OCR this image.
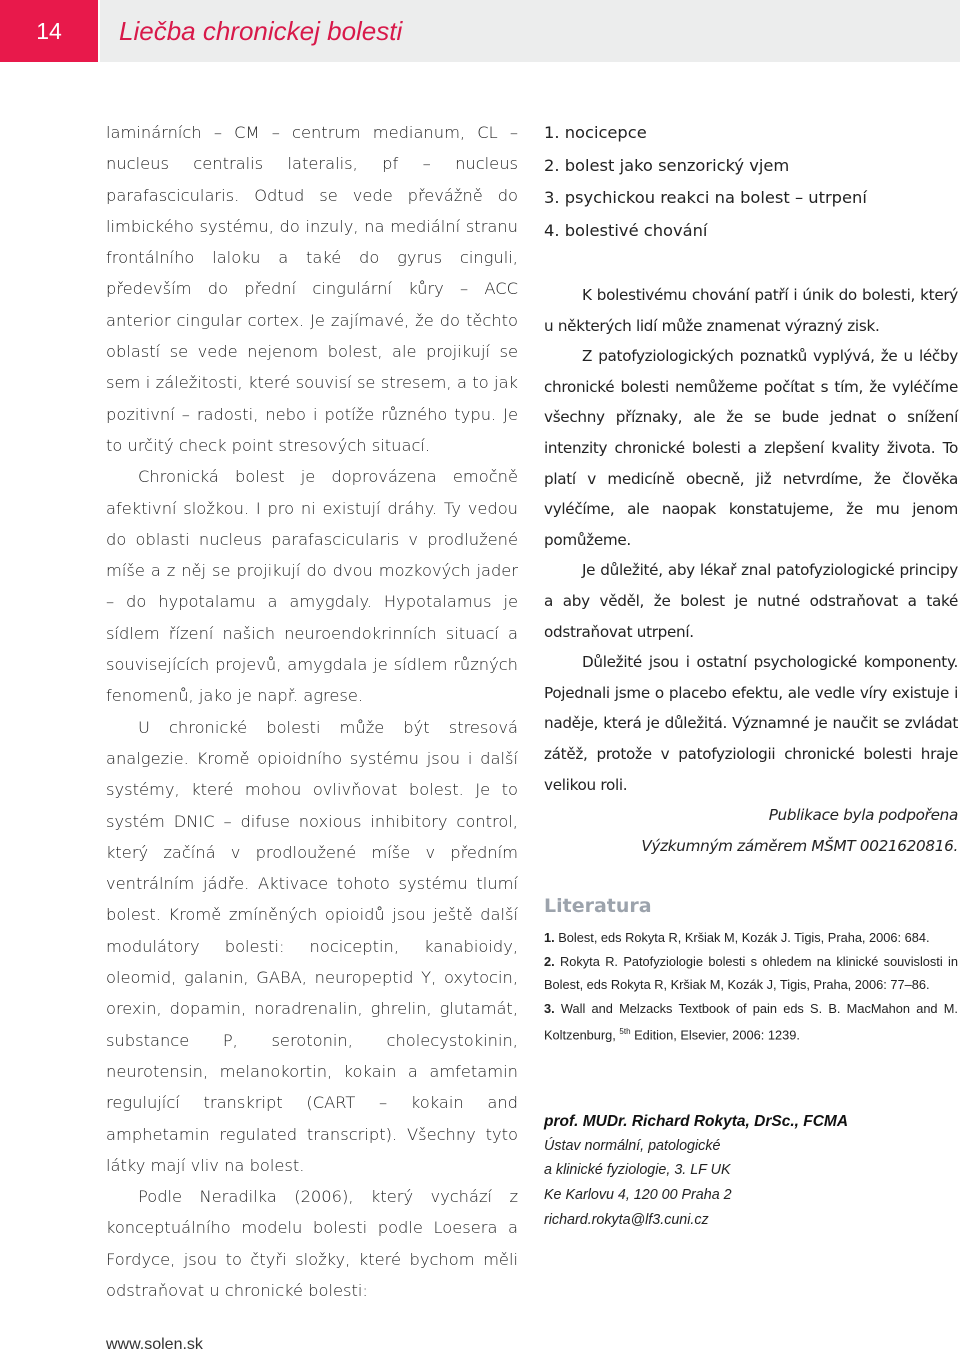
14 Liečba chronickej bolesti

laminárních – CM – centrum medianum, CL – nucleus centralis lateralis, pf – nucleus parafascicularis. Odtud se vede převážně do limbického systému, do inzuly, na mediální stranu frontálního laloku a také do gyrus cinguli, především do přední cingulární kůry – ACC anterior cingular cortex. Je zajímavé, že do těchto oblastí se vede nejenom bolest, ale projikují se sem i záležitosti, které souvisí se stresem, a to jak pozitivní – radosti, nebo i potíže různého typu. Je to určitý check point stresových situací.

Chronická bolest je doprovázena emočně afektivní složkou. I pro ni existují dráhy. Ty vedou do oblasti nucleus parafascicularis v prodlužené míše a z něj se projikují do dvou mozkových jader – do hypotalamu a amygdaly. Hypotalamus je sídlem řízení našich neuroendokrinních situací a souvisejících projevů, amygdala je sídlem různých fenomenů, jako je např. agrese.

U chronické bolesti může být stresová analgezie. Kromě opioidního systému jsou i další systémy, které mohou ovlivňovat bolest. Je to systém DNIC – difuse noxious inhibitory control, který začíná v prodloužené míše v předním ventrálním jádře. Aktivace tohoto systému tlumí bolest. Kromě zmíněných opioidů jsou ještě další modulátory bolesti: nociceptin, kanabioidy, oleomid, galanin, GABA, neuropeptid Y, oxytocin, orexin, dopamin, noradrenalin, ghrelin, glutamát, substance P, serotonin, cholecystokinin, neurotensin, melanokortin, kokain a amfetamin regulující transkript (CART – kokain and amphetamin regulated transcript). Všechny tyto látky mají vliv na bolest.

Podle Neradilka (2006), který vychází z konceptuálního modelu bolesti podle Loesera a Fordyce, jsou to čtyři složky, které bychom měli odstraňovat u chronické bolesti:

1. nocicepce
2. bolest jako senzorický vjem
3. psychickou reakci na bolest – utrpení
4. bolestivé chování

K bolestivému chování patří i únik do bolesti, který u některých lidí může znamenat výrazný zisk.

Z patofyziologických poznatků vyplývá, že u léčby chronické bolesti nemůžeme počítat s tím, že vyléčíme všechny příznaky, ale že se bude jednat o snížení intenzity chronické bolesti a zlepšení kvality života. To platí v medicíně obecně, již netvrdíme, že člověka vyléčíme, ale naopak konstatujeme, že mu jenom pomůžeme.

Je důležité, aby lékař znal patofyziologické principy a aby věděl, že bolest je nutné odstraňovat a také odstraňovat utrpení.

Důležité jsou i ostatní psychologické komponenty. Pojednali jsme o placebo efektu, ale vedle víry existuje i naděje, která je důležitá. Významné je naučit se zvládat zátěž, protože v patofyziologii chronické bolesti hraje velikou roli.

Publikace byla podpořena

Výzkumným záměrem MŠMT 0021620816.

Literatura
1. Bolest, eds Rokyta R, Kršiak M, Kozák J. Tigis, Praha, 2006: 684.
2. Rokyta R. Patofyziologie bolesti s ohledem na klinické souvislosti in Bolest, eds Rokyta R, Kršiak M, Kozák J, Tigis, Praha, 2006: 77–86.
3. Wall and Melzacks Textbook of pain eds S. B. MacMahon and M. Koltzenburg, $^{5th}$ Edition, Elsevier, 2006: 1239.
prof. MUDr. Richard Rokyta, DrSc., FCMA
Ústav normální, patologické
a klinické fyziologie, 3. LF UK
Ke Karlovu 4, 120 00 Praha 2
richard.rokyta@lf3.cuni.cz
www.solen.sk
